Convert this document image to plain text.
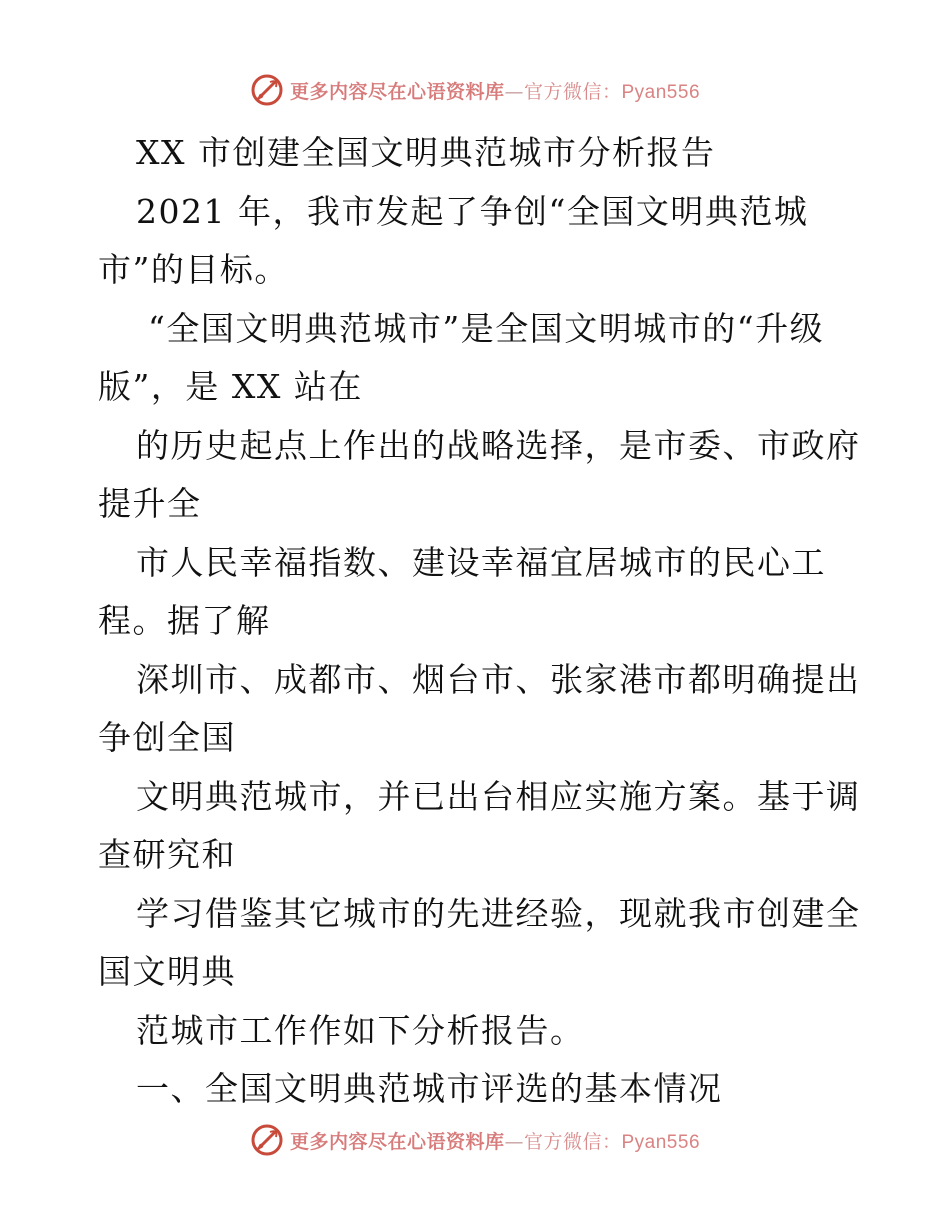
更多内容尽在心语资料库—官方微信：Pyan556
XX 市创建全国文明典范城市分析报告
2021 年，我市发起了争创“全国文明典范城
市”的目标。
“全国文明典范城市”是全国文明城市的“升级
版”，是 XX 站在
的历史起点上作出的战略选择，是市委、市政府
提升全
市人民幸福指数、建设幸福宜居城市的民心工
程。据了解
深圳市、成都市、烟台市、张家港市都明确提出
争创全国
文明典范城市，并已出台相应实施方案。基于调
查研究和
学习借鉴其它城市的先进经验，现就我市创建全
国文明典
范城市工作作如下分析报告。
一、全国文明典范城市评选的基本情况
更多内容尽在心语资料库—官方微信：Pyan556
